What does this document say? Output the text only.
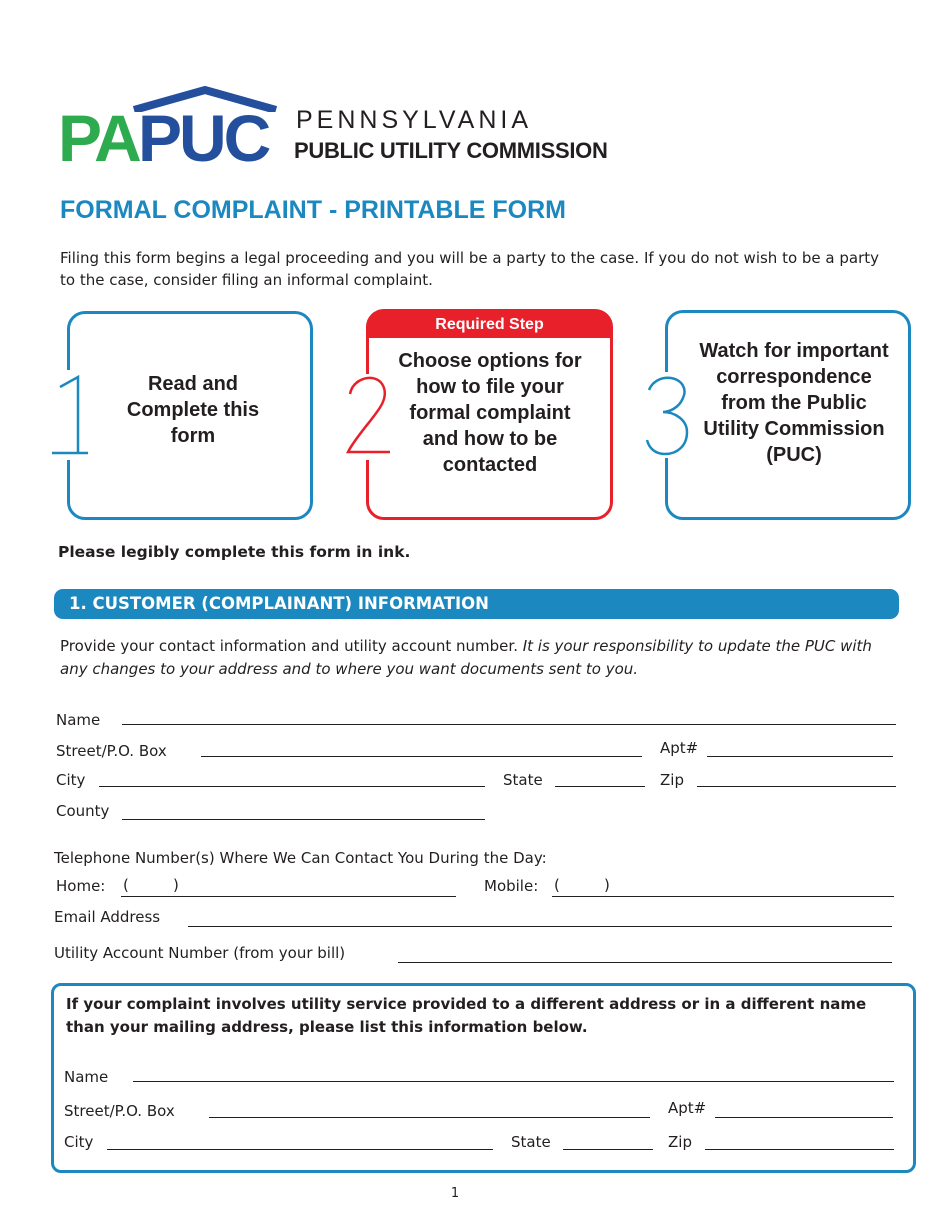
PA PUC PENNSYLVANIA
PUBLIC UTILITY COMMISSION
FORMAL COMPLAINT - PRINTABLE FORM
Filing this form begins a legal proceeding and you will be a party to the case. If you do not wish to be a party to the case, consider filing an informal complaint.
Read and Complete this form
Required Step
Choose options for how to file your formal complaint and how to be contacted
Watch for important correspondence from the Public Utility Commission (PUC)
Please legibly complete this form in ink.
1. CUSTOMER (COMPLAINANT) INFORMATION
Provide your contact information and utility account number. It is your responsibility to update the PUC with any changes to your address and to where you want documents sent to you.
Name
Street/P.O. Box	Apt#
City	State	Zip
County
Telephone Number(s) Where We Can Contact You During the Day:
Home: (	)	Mobile: (	)
Email Address
Utility Account Number (from your bill)
If your complaint involves utility service provided to a different address or in a different name than your mailing address, please list this information below.
Name
Street/P.O. Box	Apt#
City	State	Zip
1
